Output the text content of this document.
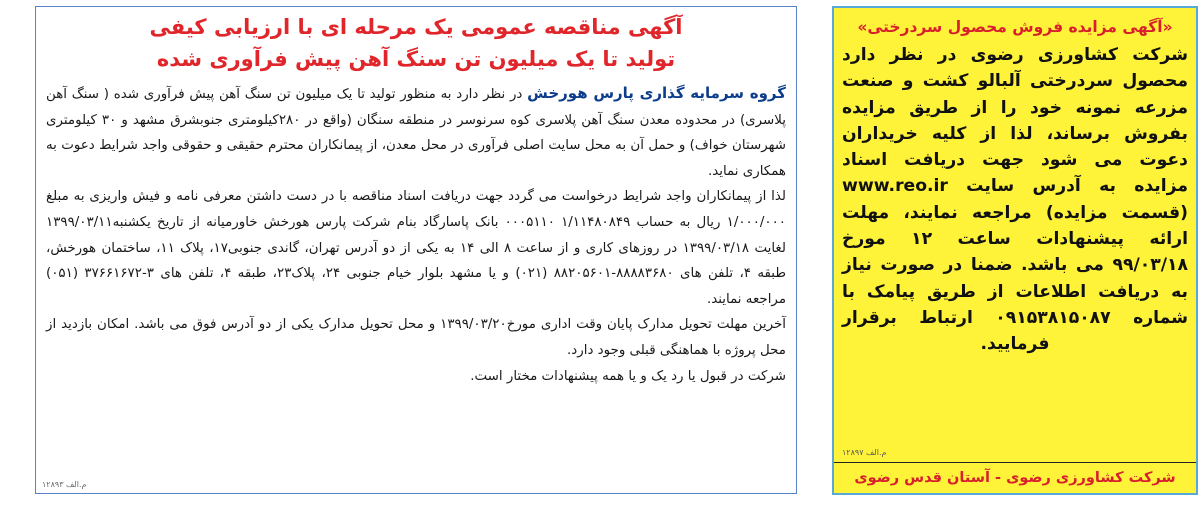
«آگهی مزایده فروش محصول سردرختی»
شرکت کشاورزی رضوی در نظر دارد محصول سردرختی آلبالو کشت و صنعت مزرعه نمونه خود را از طریق مزایده بفروش برساند، لذا از کلیه خریداران دعوت می شود جهت دریافت اسناد مزایده به آدرس سایت www.reo.ir (قسمت مزایده) مراجعه نمایند، مهلت ارائه پیشنهادات ساعت ۱۲ مورخ ۹۹/۰۳/۱۸ می باشد. ضمنا در صورت نیاز به دریافت اطلاعات از طریق پیامک با شماره ۰۹۱۵۳۸۱۵۰۸۷ ارتباط برقرار فرمایید.
م.الف ۱۲۸۹۷
شرکت کشاورزی رضوی - آستان قدس رضوی
آگهی مناقصه عمومی یک مرحله ای با ارزیابی کیفی
تولید تا یک میلیون تن سنگ آهن پیش فرآوری شده

گروه سرمایه گذاری پارس هورخش در نظر دارد به منظور تولید تا یک میلیون تن سنگ آهن پیش فرآوری شده ( سنگ آهن پلاسری) در محدوده معدن سنگ آهن پلاسری کوه سرنوسر در منطقه سنگان (واقع در ۲۸۰کیلومتری جنوبشرق مشهد و ۳۰ کیلومتری شهرستان خواف) و حمل آن به محل سایت اصلی فرآوری در محل معدن، از پیمانکاران محترم حقیقی و حقوقی واجد شرایط دعوت به همکاری نماید.

لذا از پیمانکاران واجد شرایط درخواست می گردد جهت دریافت اسناد مناقصه با در دست داشتن معرفی نامه و فیش واریزی به مبلغ ۱/۰۰۰/۰۰۰ ریال به حساب ۱/۱۱۴۸۰۸۴۹ ۰۰۰۵۱۱۰ بانک پاسارگاد بنام شرکت پارس هورخش خاورمیانه از تاریخ یکشنبه۱۳۹۹/۰۳/۱۱ لغایت ۱۳۹۹/۰۳/۱۸ در روزهای کاری و از ساعت ۸ الی ۱۴ به یکی از دو آدرس تهران، گاندی جنوبی۱۷، پلاک ۱۱، ساختمان هورخش، طبقه ۴، تلفن های ۸۸۸۸۳۶۸۰-۸۸۲۰۵۶۰۱ (۰۲۱) و یا مشهد بلوار خیام جنوبی ۲۴، پلاک۲۳، طبقه ۴، تلفن های ۳-۳۷۶۶۱۶۷۲ (۰۵۱) مراجعه نمایند.

آخرین مهلت تحویل مدارک پایان وقت اداری مورخ۱۳۹۹/۰۳/۲۰ و محل تحویل مدارک یکی از دو آدرس فوق می باشد. امکان بازدید از محل پروژه با هماهنگی قبلی وجود دارد.

شرکت در قبول یا رد یک و یا همه پیشنهادات مختار است.

م.الف ۱۲۸۹۳
